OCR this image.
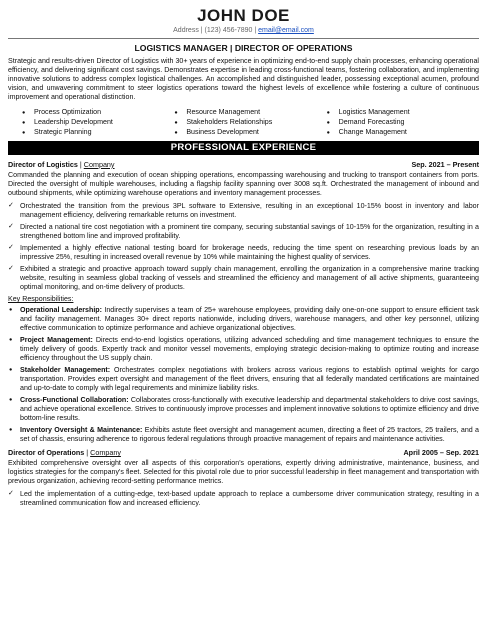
JOHN DOE
Address | (123) 456-7890 | email@email.com
LOGISTICS MANAGER | DIRECTOR OF OPERATIONS
Strategic and results-driven Director of Logistics with 30+ years of experience in optimizing end-to-end supply chain processes, enhancing operational efficiency, and delivering significant cost savings. Demonstrates expertise in leading cross-functional teams, fostering collaboration, and implementing innovative solutions to address complex logistical challenges. An accomplished and distinguished leader, possessing exceptional acumen, profound vision, and unwavering commitment to steer logistics operations toward the highest levels of excellence while fostering a culture of continuous improvement and operational distinction.
● Process Optimization	● Resource Management	● Logistics Management
● Leadership Development	● Stakeholders Relationships	● Demand Forecasting
● Strategic Planning	● Business Development	● Change Management
PROFESSIONAL EXPERIENCE
Director of Logistics | Company	Sep. 2021 – Present
Commanded the planning and execution of ocean shipping operations, encompassing warehousing and trucking to transport containers from ports. Directed the oversight of multiple warehouses, including a flagship facility spanning over 3008 sq.ft. Orchestrated the management of inbound and outbound shipments, while optimizing warehouse operations and inventory management processes.
✓ Orchestrated the transition from the previous 3PL software to Extensive, resulting in an exceptional 10-15% boost in inventory and labor management efficiency, delivering remarkable returns on investment.
✓ Directed a national tire cost negotiation with a prominent tire company, securing substantial savings of 10-15% for the organization, resulting in a strengthened bottom line and improved profitability.
✓ Implemented a highly effective national testing board for brokerage needs, reducing the time spent on researching previous loads by an impressive 25%, resulting in increased overall revenue by 10% while maintaining the highest quality of services.
✓ Exhibited a strategic and proactive approach toward supply chain management, enrolling the organization in a comprehensive marine tracking website, resulting in seamless global tracking of vessels and streamlined the efficiency and management of all active shipments, guaranteeing optimal monitoring, and on-time delivery of products.
Key Responsibilities:
● Operational Leadership: Indirectly supervises a team of 25+ warehouse employees, providing daily one-on-one support to ensure efficient task and facility management. Manages 30+ direct reports nationwide, including drivers, warehouse managers, and other key personnel, utilizing effective communication to optimize performance and achieve organizational objectives.
● Project Management: Directs end-to-end logistics operations, utilizing advanced scheduling and time management techniques to ensure the timely delivery of goods. Expertly track and monitor vessel movements, employing strategic decision-making to optimize routing and increase efficiency throughout the US supply chain.
● Stakeholder Management: Orchestrates complex negotiations with brokers across various regions to establish optimal weights for cargo transportation. Provides expert oversight and management of the fleet drivers, ensuring that all federally mandated certifications are maintained and up-to-date to comply with legal requirements and minimize liability risks.
● Cross-Functional Collaboration: Collaborates cross-functionally with executive leadership and departmental stakeholders to drive cost savings, and achieve operational excellence. Strives to continuously improve processes and implement innovative solutions to optimize efficiency and drive bottom-line results.
● Inventory Oversight & Maintenance: Exhibits astute fleet oversight and management acumen, directing a fleet of 25 tractors, 25 trailers, and a set of chassis, ensuring adherence to rigorous federal regulations through proactive management of repairs and maintenance activities.
Director of Operations | Company	April 2005 – Sep. 2021
Exhibited comprehensive oversight over all aspects of this corporation's operations, expertly driving administrative, maintenance, business, and logistics strategies for the company's fleet. Selected for this pivotal role due to prior successful leadership in fleet management and transportation with previous organization, achieving record-setting performance metrics.
✓ Led the implementation of a cutting-edge, text-based update approach to replace a cumbersome driver communication strategy, resulting in a streamlined communication flow and increased efficiency.
